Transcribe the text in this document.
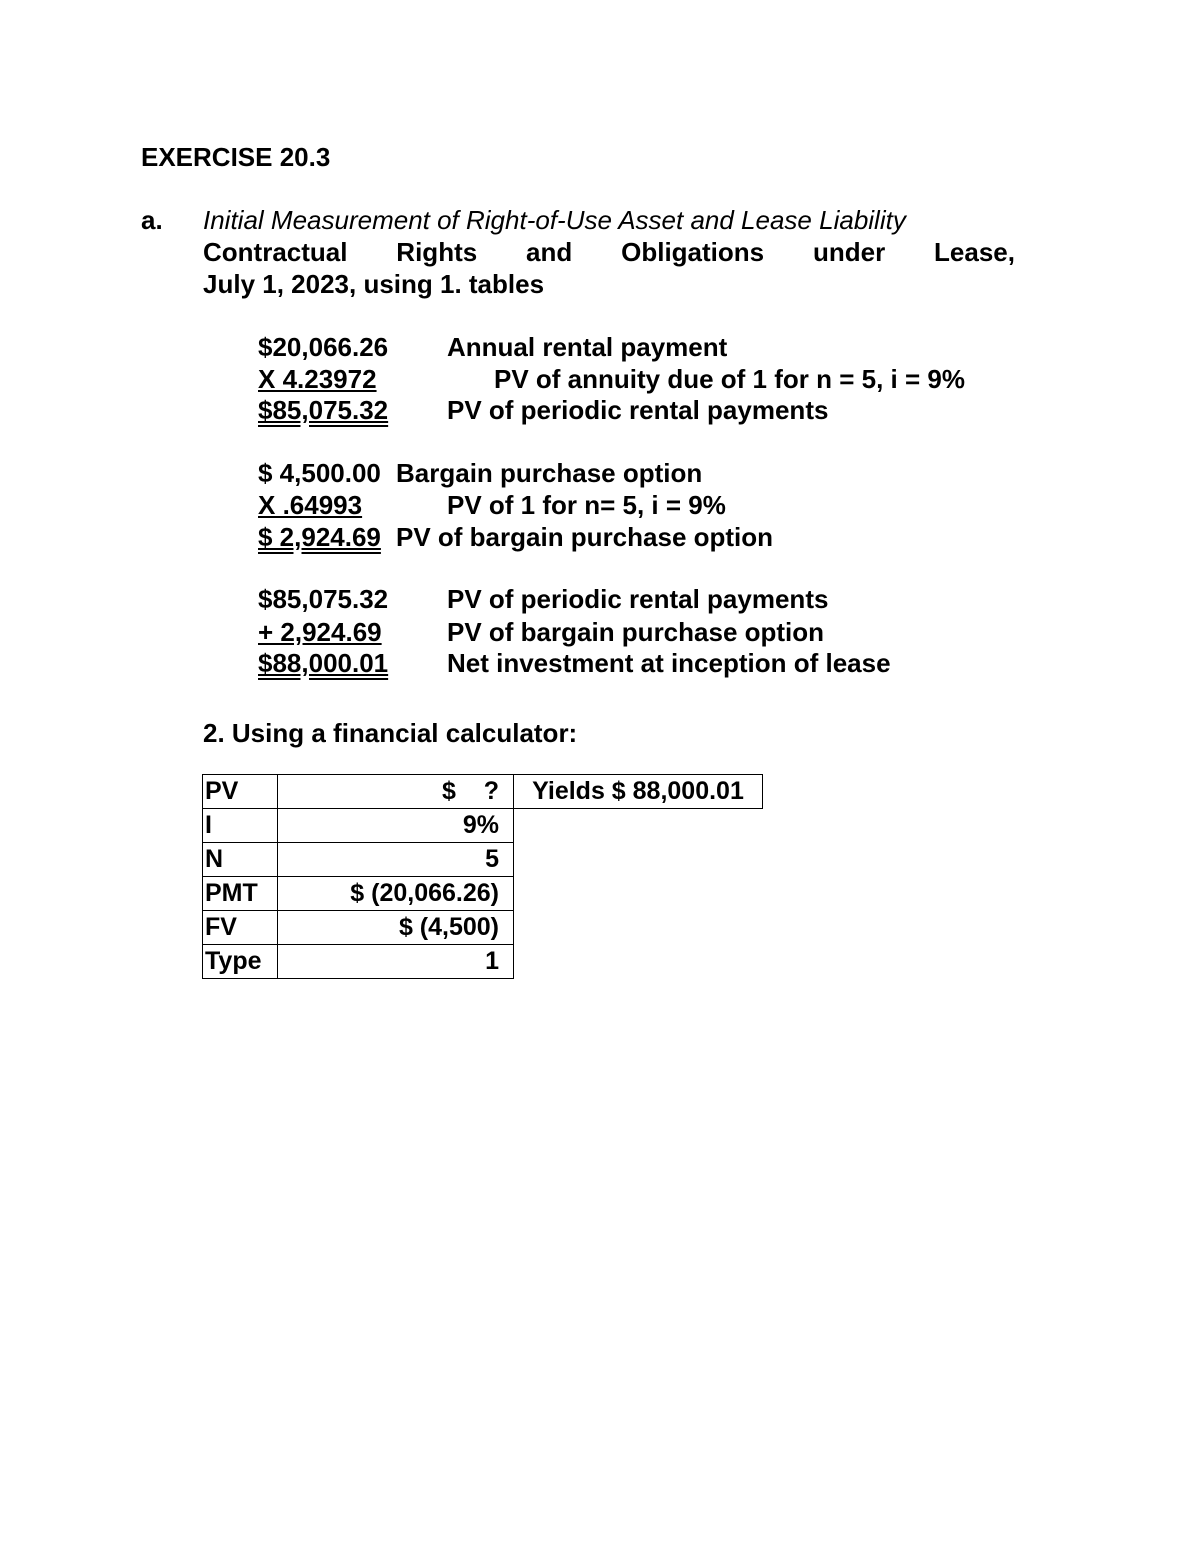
EXERCISE 20.3
a. Initial Measurement of Right-of-Use Asset and Lease Liability
Contractual Rights and Obligations under Lease,
July 1, 2023, using 1. tables
$20,066.26 Annual rental payment
X 4.23972	PV of annuity due of 1 for n = 5, i = 9%
$85,075.32 PV of periodic rental payments
$ 4,500.00 Bargain purchase option
X .64993	PV of 1 for n= 5, i = 9%
$ 2,924.69 PV of bargain purchase option
$85,075.32 PV of periodic rental payments
+ 2,924.69	PV of bargain purchase option
$88,000.01 Net investment at inception of lease
2. Using a financial calculator:
PV	$    ?	Yields $ 88,000.01
I	9%	
N	5	
PMT	$ (20,066.26)	
FV	$ (4,500)	
Type	1	
